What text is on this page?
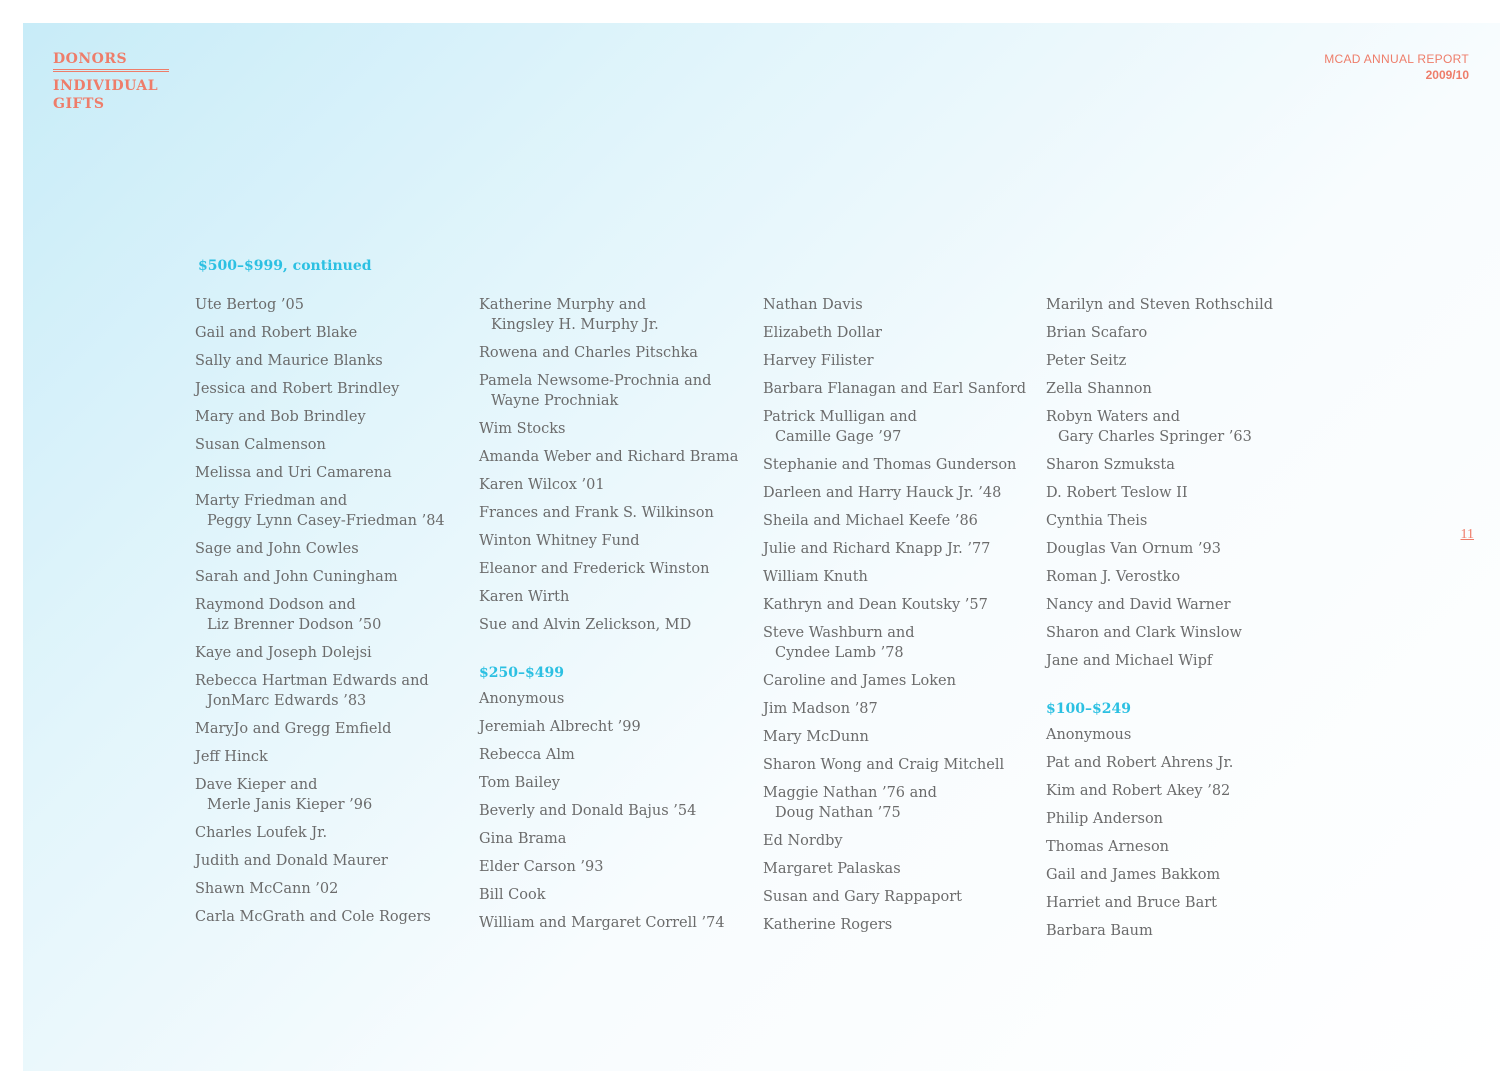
DONORS
INDIVIDUAL GIFTS
MCAD ANNUAL REPORT
2009/10
11
$500–$999, continued
Ute Bertog ’05
Gail and Robert Blake
Sally and Maurice Blanks
Jessica and Robert Brindley
Mary and Bob Brindley
Susan Calmenson
Melissa and Uri Camarena
Marty Friedman and
Peggy Lynn Casey-Friedman ’84
Sage and John Cowles
Sarah and John Cuningham
Raymond Dodson and
Liz Brenner Dodson ’50
Kaye and Joseph Dolejsi
Rebecca Hartman Edwards and
JonMarc Edwards ’83
MaryJo and Gregg Emfield
Jeff Hinck
Dave Kieper and
Merle Janis Kieper ’96
Charles Loufek Jr.
Judith and Donald Maurer
Shawn McCann ’02
Carla McGrath and Cole Rogers
Katherine Murphy and
Kingsley H. Murphy Jr.
Rowena and Charles Pitschka
Pamela Newsome-Prochnia and
Wayne Prochniak
Wim Stocks
Amanda Weber and Richard Brama
Karen Wilcox ’01
Frances and Frank S. Wilkinson
Winton Whitney Fund
Eleanor and Frederick Winston
Karen Wirth
Sue and Alvin Zelickson, MD
$250–$499
Anonymous
Jeremiah Albrecht ’99
Rebecca Alm
Tom Bailey
Beverly and Donald Bajus ’54
Gina Brama
Elder Carson ’93
Bill Cook
William and Margaret Correll ’74
Nathan Davis
Elizabeth Dollar
Harvey Filister
Barbara Flanagan and Earl Sanford
Patrick Mulligan and
Camille Gage ’97
Stephanie and Thomas Gunderson
Darleen and Harry Hauck Jr. ’48
Sheila and Michael Keefe ’86
Julie and Richard Knapp Jr. ’77
William Knuth
Kathryn and Dean Koutsky ’57
Steve Washburn and
Cyndee Lamb ’78
Caroline and James Loken
Jim Madson ’87
Mary McDunn
Sharon Wong and Craig Mitchell
Maggie Nathan ’76 and
Doug Nathan ’75
Ed Nordby
Margaret Palaskas
Susan and Gary Rappaport
Katherine Rogers
Marilyn and Steven Rothschild
Brian Scafaro
Peter Seitz
Zella Shannon
Robyn Waters and
Gary Charles Springer ’63
Sharon Szmuksta
D. Robert Teslow II
Cynthia Theis
Douglas Van Ornum ’93
Roman J. Verostko
Nancy and David Warner
Sharon and Clark Winslow
Jane and Michael Wipf
$100–$249
Anonymous
Pat and Robert Ahrens Jr.
Kim and Robert Akey ’82
Philip Anderson
Thomas Arneson
Gail and James Bakkom
Harriet and Bruce Bart
Barbara Baum
